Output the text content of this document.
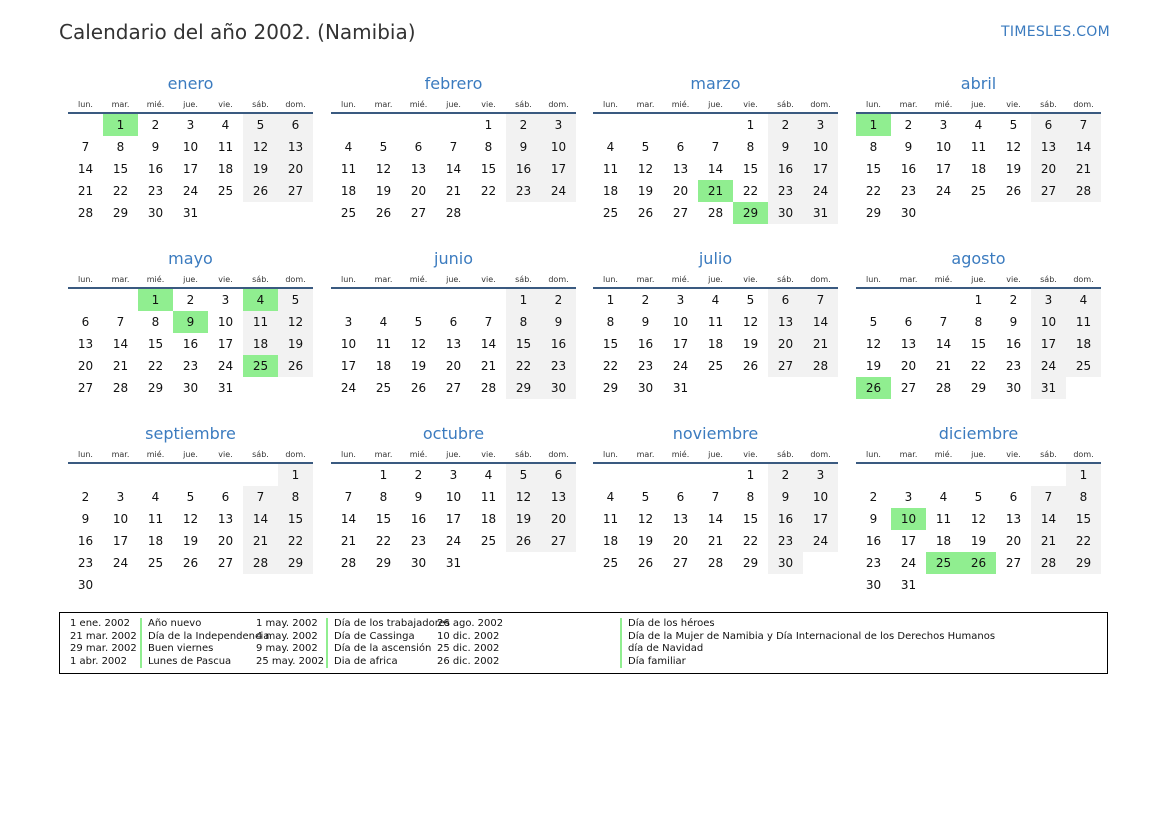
Calendario del año 2002. (Namibia)	TIMESLES.COM
enero
lun.	mar.	mié.	jue.	vie.	sáb.	dom.
	1	2	3	4	5	6
7	8	9	10	11	12	13
14	15	16	17	18	19	20
21	22	23	24	25	26	27
28	29	30	31			
febrero
lun.	mar.	mié.	jue.	vie.	sáb.	dom.
				1	2	3
4	5	6	7	8	9	10
11	12	13	14	15	16	17
18	19	20	21	22	23	24
25	26	27	28			
marzo
lun.	mar.	mié.	jue.	vie.	sáb.	dom.
				1	2	3
4	5	6	7	8	9	10
11	12	13	14	15	16	17
18	19	20	21	22	23	24
25	26	27	28	29	30	31
abril
lun.	mar.	mié.	jue.	vie.	sáb.	dom.
1	2	3	4	5	6	7
8	9	10	11	12	13	14
15	16	17	18	19	20	21
22	23	24	25	26	27	28
29	30					
mayo
lun.	mar.	mié.	jue.	vie.	sáb.	dom.
		1	2	3	4	5
6	7	8	9	10	11	12
13	14	15	16	17	18	19
20	21	22	23	24	25	26
27	28	29	30	31		
junio
lun.	mar.	mié.	jue.	vie.	sáb.	dom.
					1	2
3	4	5	6	7	8	9
10	11	12	13	14	15	16
17	18	19	20	21	22	23
24	25	26	27	28	29	30
julio
lun.	mar.	mié.	jue.	vie.	sáb.	dom.
1	2	3	4	5	6	7
8	9	10	11	12	13	14
15	16	17	18	19	20	21
22	23	24	25	26	27	28
29	30	31				
agosto
lun.	mar.	mié.	jue.	vie.	sáb.	dom.
			1	2	3	4
5	6	7	8	9	10	11
12	13	14	15	16	17	18
19	20	21	22	23	24	25
26	27	28	29	30	31	
septiembre
lun.	mar.	mié.	jue.	vie.	sáb.	dom.
						1
2	3	4	5	6	7	8
9	10	11	12	13	14	15
16	17	18	19	20	21	22
23	24	25	26	27	28	29
30						
octubre
lun.	mar.	mié.	jue.	vie.	sáb.	dom.
	1	2	3	4	5	6
7	8	9	10	11	12	13
14	15	16	17	18	19	20
21	22	23	24	25	26	27
28	29	30	31			
noviembre
lun.	mar.	mié.	jue.	vie.	sáb.	dom.
				1	2	3
4	5	6	7	8	9	10
11	12	13	14	15	16	17
18	19	20	21	22	23	24
25	26	27	28	29	30	
diciembre
lun.	mar.	mié.	jue.	vie.	sáb.	dom.
						1
2	3	4	5	6	7	8
9	10	11	12	13	14	15
16	17	18	19	20	21	22
23	24	25	26	27	28	29
30	31					
1 ene. 2002	Año nuevo
21 mar. 2002	Día de la Independencia
29 mar. 2002	Buen viernes
1 abr. 2002	Lunes de Pascua
1 may. 2002	Día de los trabajadores
4 may. 2002	Día de Cassinga
9 may. 2002	Día de la ascensión
25 may. 2002 Dia de africa
26 ago. 2002	Día de los héroes
10 dic. 2002	Día de la Mujer de Namibia y Día Internacional de los Derechos Humanos
25 dic. 2002	día de Navidad
26 dic. 2002	Día familiar
